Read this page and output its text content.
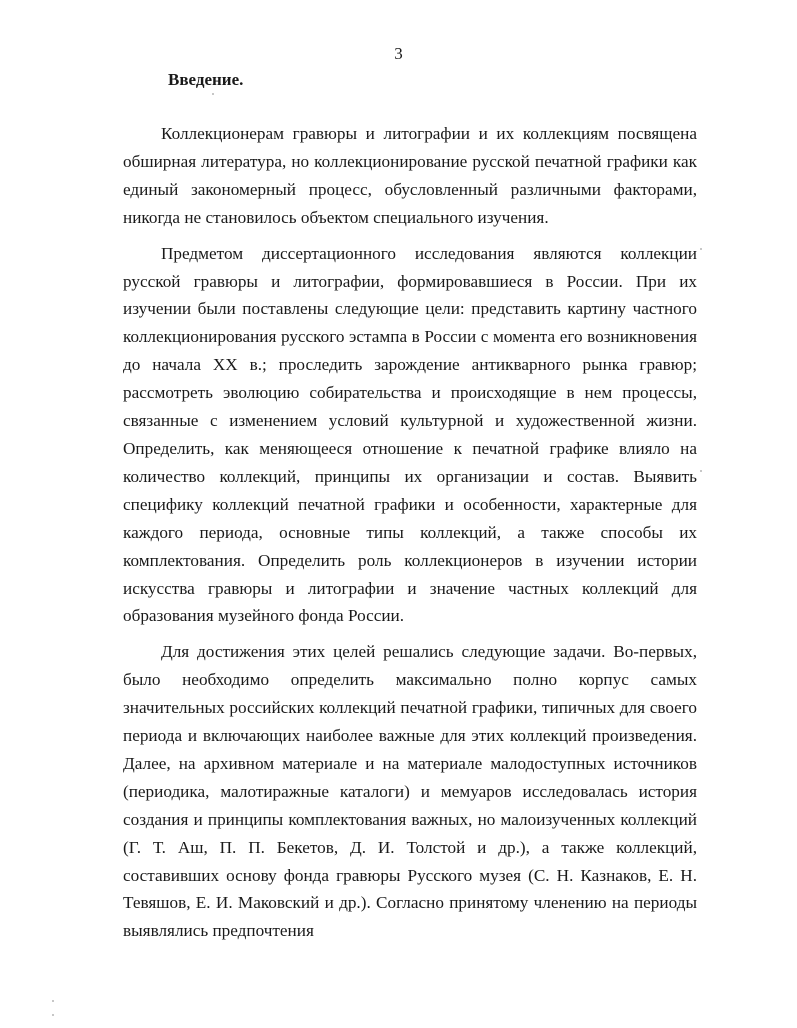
3
Введение.

Коллекционерам гравюры и литографии и их коллекциям посвящена обширная литература, но коллекционирование русской печатной графики как единый закономерный процесс, обусловленный различными факторами, никогда не становилось объектом специального изучения.

Предметом диссертационного исследования являются коллекции русской гравюры и литографии, формировавшиеся в России. При их изучении были поставлены следующие цели: представить картину частного коллекционирования русского эстампа в России с момента его возникновения до начала XX в.; проследить зарождение антикварного рынка гравюр; рассмотреть эволюцию собирательства и происходящие в нем процессы, связанные с изменением условий культурной и художественной жизни. Определить, как меняющееся отношение к печатной графике влияло на количество коллекций, принципы их организации и состав. Выявить специфику коллекций печатной графики и особенности, характерные для каждого периода, основные типы коллекций, а также способы их комплектования. Определить роль коллекционеров в изучении истории искусства гравюры и литографии и значение частных коллекций для образования музейного фонда России.

Для достижения этих целей решались следующие задачи. Во-первых, было необходимо определить максимально полно корпус самых значительных российских коллекций печатной графики, типичных для своего периода и включающих наиболее важные для этих коллекций произведения. Далее, на архивном материале и на материале малодоступных источников (периодика, малотиражные каталоги) и мемуаров исследовалась история создания и принципы комплектования важных, но малоизученных коллекций (Г. Т. Аш, П. П. Бекетов, Д. И. Толстой и др.), а также коллекций, составивших основу фонда гравюры Русского музея (С. Н. Казнаков, Е. Н. Тевяшов, Е. И. Маковский и др.). Согласно принятому членению на периоды выявлялись предпочтения
